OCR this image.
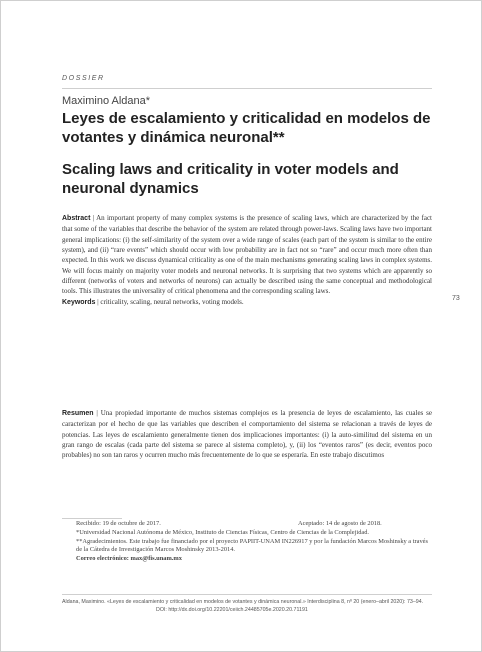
DOSSIER
Maximino Aldana*
Leyes de escalamiento y criticalidad en modelos de votantes y dinámica neuronal**
Scaling laws and criticality in voter models and neuronal dynamics
Abstract | An important property of many complex systems is the presence of scaling laws, which are characterized by the fact that some of the variables that describe the behavior of the system are related through power-laws. Scaling laws have two important general implications: (i) the self-similarity of the system over a wide range of scales (each part of the system is similar to the entire system), and (ii) “rare events” which should occur with low probability are in fact not so “rare” and occur much more often than expected. In this work we discuss dynamical criticality as one of the main mechanisms generating scaling laws in complex systems. We will focus mainly on majority voter models and neuronal networks. It is surprising that two systems which are apparently so different (networks of voters and networks of neurons) can actually be described using the same conceptual and methodological tools. This illustrates the universality of critical phenomena and the corresponding scaling laws.
Keywords | criticality, scaling, neural networks, voting models.	73
Resumen | Una propiedad importante de muchos sistemas complejos es la presencia de leyes de escalamiento, las cuales se caracterizan por el hecho de que las variables que describen el comportamiento del sistema se relacionan a través de leyes de potencias. Las leyes de escalamiento generalmente tienen dos implicaciones importantes: (i) la auto-similitud del sistema en un gran rango de escalas (cada parte del sistema se parece al sistema completo), y, (ii) los “eventos raros” (es decir, eventos poco probables) no son tan raros y ocurren mucho más frecuentemente de lo que se esperaría. En este trabajo discutimos
Recibido: 19 de octubre de 2017.	Aceptado: 14 de agosto de 2018.
*Universidad Nacional Autónoma de México, Instituto de Ciencias Físicas, Centro de Ciencias de la Complejidad.
**Agradecimientos. Este trabajo fue financiado por el proyecto PAPIIT-UNAM IN226917 y por la fundación Marcos Moshinsky a través de la Cátedra de Investigación Marcos Moshinsky 2013-2014.
Correo electrónico: max@fis.unam.mx
Aldana, Maximino. «Leyes de escalamiento y criticalidad en modelos de votantes y dinámica neuronal.» Interdisciplina 8, nº 20 (enero–abril 2020): 73–94.
DOI: http://dx.doi.org/10.22201/ceiich.24485705e.2020.20.71191
